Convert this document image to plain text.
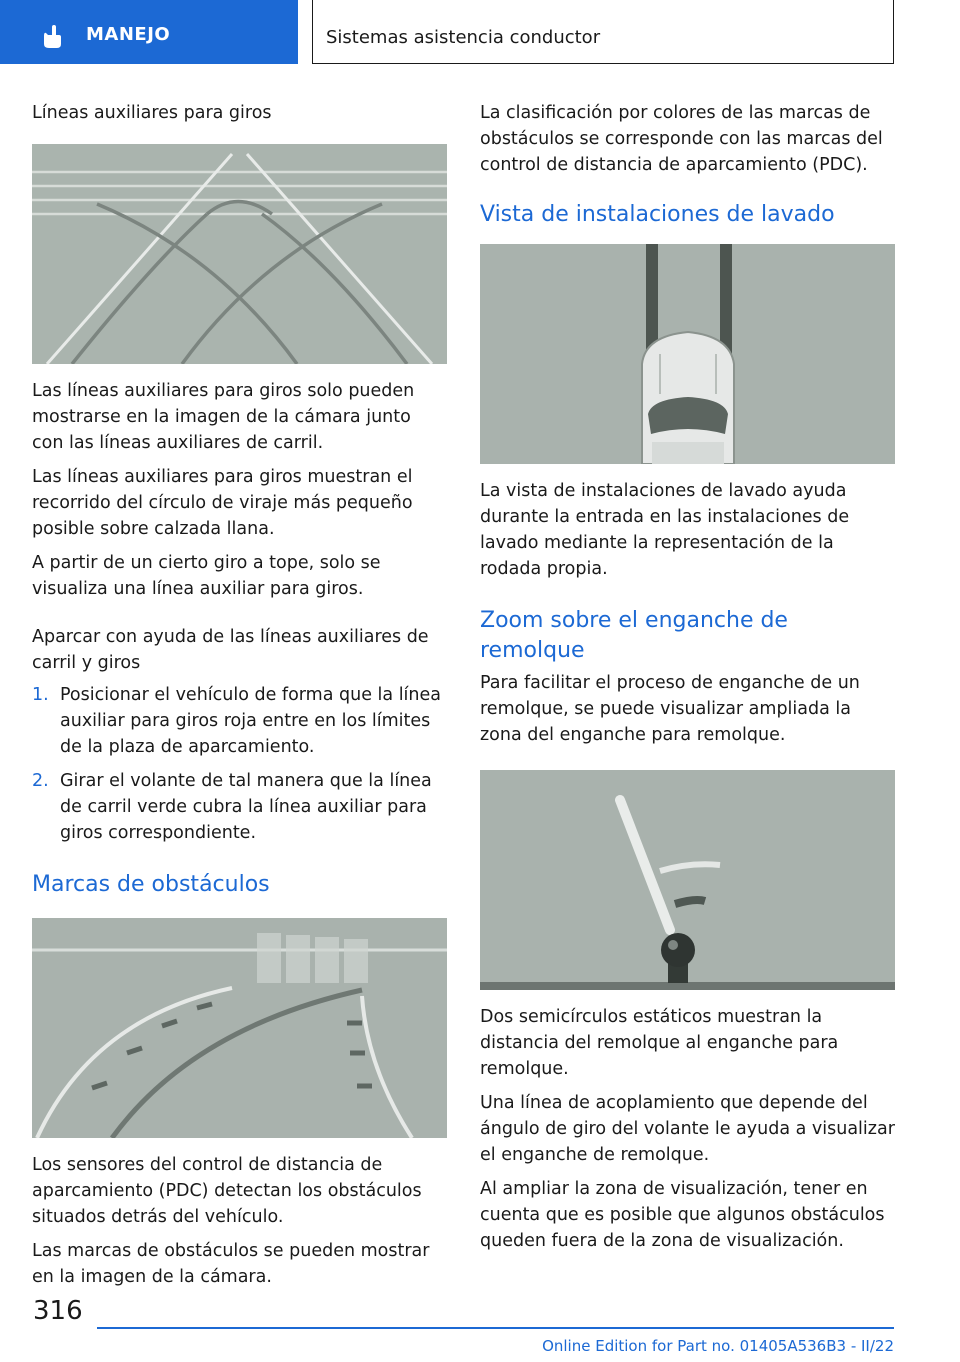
MANEJO	Sistemas asistencia conductor
Líneas auxiliares para giros

Las líneas auxiliares para giros solo pueden mostrarse en la imagen de la cámara junto con las líneas auxiliares de carril.

Las líneas auxiliares para giros muestran el recorrido del círculo de viraje más pequeño posible sobre calzada llana.

A partir de un cierto giro a tope, solo se visualiza una línea auxiliar para giros.

Aparcar con ayuda de las líneas auxiliares de carril y giros
1. Posicionar el vehículo de forma que la línea auxiliar para giros roja entre en los límites de la plaza de aparcamiento.
2. Girar el volante de tal manera que la línea de carril verde cubra la línea auxiliar para giros correspondiente.
Marcas de obstáculos

Los sensores del control de distancia de aparcamiento (PDC) detectan los obstáculos situados detrás del vehículo.

Las marcas de obstáculos se pueden mostrar en la imagen de la cámara.

La clasificación por colores de las marcas de obstáculos se corresponde con las marcas del control de distancia de aparcamiento (PDC).

Vista de instalaciones de lavado

La vista de instalaciones de lavado ayuda durante la entrada en las instalaciones de lavado mediante la representación de la rodada propia.

Zoom sobre el enganche de remolque

Para facilitar el proceso de enganche de un remolque, se puede visualizar ampliada la zona del enganche para remolque.

Dos semicírculos estáticos muestran la distancia del remolque al enganche para remolque.

Una línea de acoplamiento que depende del ángulo de giro del volante le ayuda a visualizar el enganche de remolque.

Al ampliar la zona de visualización, tener en cuenta que es posible que algunos obstáculos queden fuera de la zona de visualización.

316
Online Edition for Part no. 01405A536B3 - II/22
